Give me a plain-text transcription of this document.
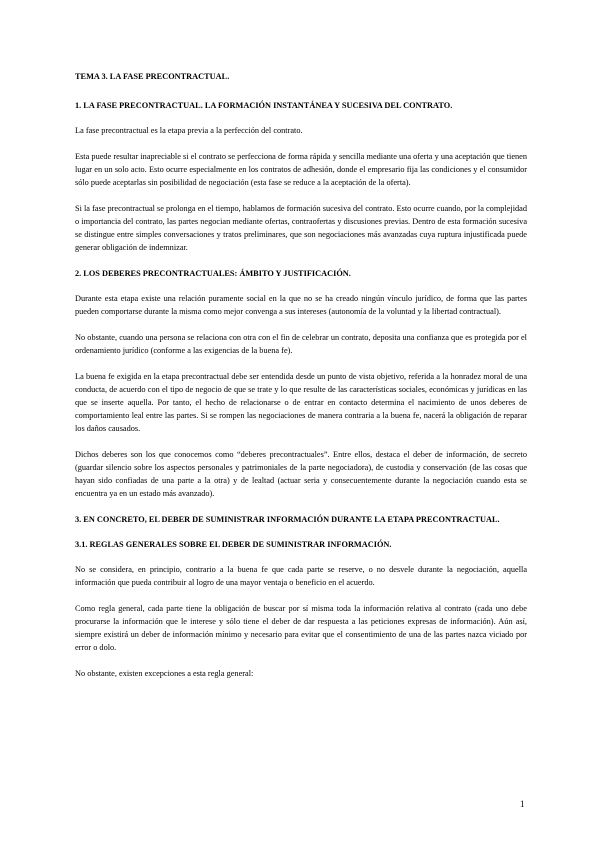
TEMA 3. LA FASE PRECONTRACTUAL.
1. LA FASE PRECONTRACTUAL. LA FORMACIÓN INSTANTÁNEA Y SUCESIVA DEL CONTRATO.

La fase precontractual es la etapa previa a la perfección del contrato.

Esta puede resultar inapreciable si el contrato se perfecciona de forma rápida y sencilla mediante una oferta y una aceptación que tienen lugar en un solo acto. Esto ocurre especialmente en los contratos de adhesión, donde el empresario fija las condiciones y el consumidor sólo puede aceptarlas sin posibilidad de negociación (esta fase se reduce a la aceptación de la oferta).

Si la fase precontractual se prolonga en el tiempo, hablamos de formación sucesiva del contrato. Esto ocurre cuando, por la complejidad o importancia del contrato, las partes negocian mediante ofertas, contraofertas y discusiones previas. Dentro de esta formación sucesiva se distingue entre simples conversaciones y tratos preliminares, que son negociaciones más avanzadas cuya ruptura injustificada puede generar obligación de indemnizar.

2. LOS DEBERES PRECONTRACTUALES: ÁMBITO Y JUSTIFICACIÓN.

Durante esta etapa existe una relación puramente social en la que no se ha creado ningún vínculo jurídico, de forma que las partes pueden comportarse durante la misma como mejor convenga a sus intereses (autonomía de la voluntad y la libertad contractual).

No obstante, cuando una persona se relaciona con otra con el fin de celebrar un contrato, deposita una confianza que es protegida por el ordenamiento jurídico (conforme a las exigencias de la buena fe).

La buena fe exigida en la etapa precontractual debe ser entendida desde un punto de vista objetivo, referida a la honradez moral de una conducta, de acuerdo con el tipo de negocio de que se trate y lo que resulte de las características sociales, económicas y jurídicas en las que se inserte aquella. Por tanto, el hecho de relacionarse o de entrar en contacto determina el nacimiento de unos deberes de comportamiento leal entre las partes. Si se rompen las negociaciones de manera contraria a la buena fe, nacerá la obligación de reparar los daños causados.

Dichos deberes son los que conocemos como “deberes precontractuales”. Entre ellos, destaca el deber de información, de secreto (guardar silencio sobre los aspectos personales y patrimoniales de la parte negociadora), de custodia y conservación (de las cosas que hayan sido confiadas de una parte a la otra) y de lealtad (actuar seria y consecuentemente durante la negociación cuando esta se encuentra ya en un estado más avanzado).

3. EN CONCRETO, EL DEBER DE SUMINISTRAR INFORMACIÓN DURANTE LA ETAPA PRECONTRACTUAL.
3.1. REGLAS GENERALES SOBRE EL DEBER DE SUMINISTRAR INFORMACIÓN.

No se considera, en principio, contrario a la buena fe que cada parte se reserve, o no desvele durante la negociación, aquella información que pueda contribuir al logro de una mayor ventaja o beneficio en el acuerdo.

Como regla general, cada parte tiene la obligación de buscar por sí misma toda la información relativa al contrato (cada uno debe procurarse la información que le interese y sólo tiene el deber de dar respuesta a las peticiones expresas de información). Aún así, siempre existirá un deber de información mínimo y necesario para evitar que el consentimiento de una de las partes nazca viciado por error o dolo.

No obstante, existen excepciones a esta regla general:

1
